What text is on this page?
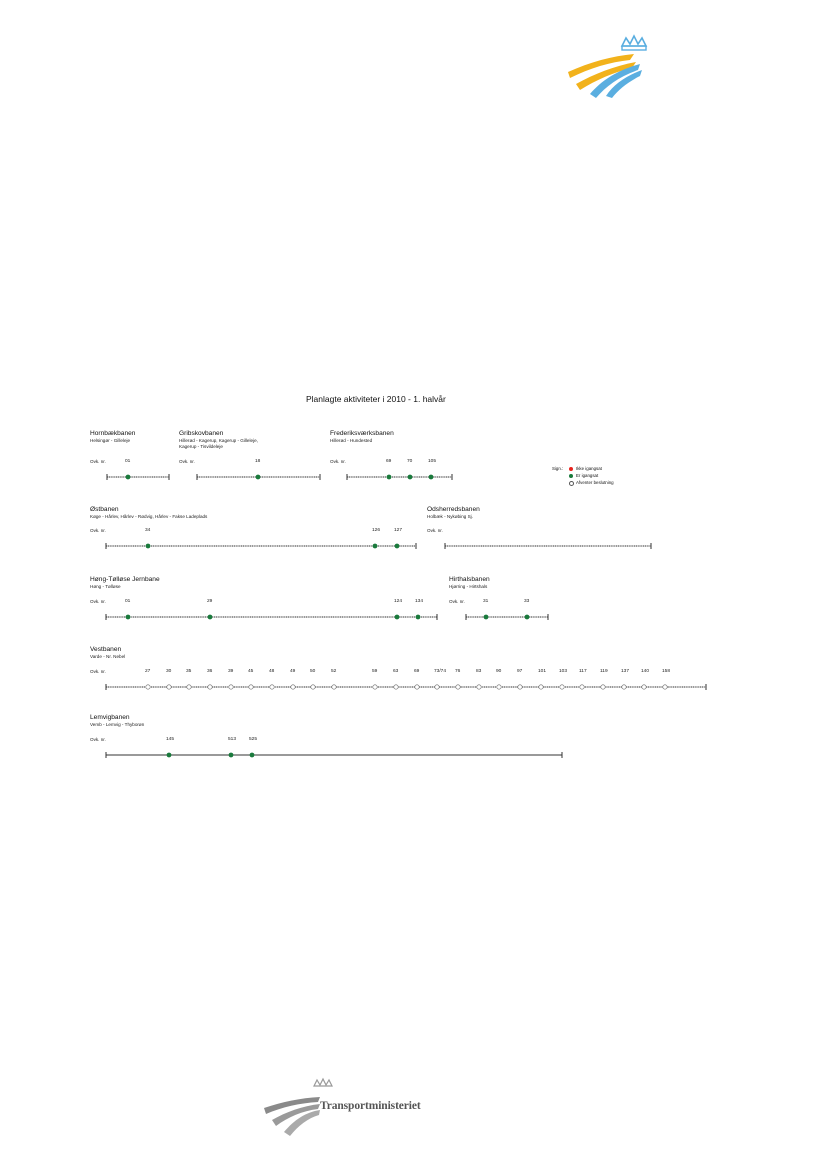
Planlagte aktiviteter i 2010 - 1. halvår
Sign.:	Ikke igangsat
Er igangsat
Afventer beslutning
Hornbækbanen
Helsingør - Gilleleje
Ovk. nr.	01
Gribskovbanen
Hillerød - Kagerup, Kagerup - Gilleleje,
Kagerup - Tisvildeleje
Ovk. nr.	18
Frederiksværksbanen
Hillerød - Hundested
Ovk. nr.	69	70	105
Østbanen
Køge - Hårlev, Hårlev - Rødvig, Hårlev - Fakse Ladeplads
Ovk. nr.	34	126	127
Odsherredsbanen
Holbæk - Nykøbing Sj.
Ovk. nr.
Høng-Tølløse Jernbane
Høng - Tølløse
Ovk. nr.	01	29	124	134
Hirthalsbanen
Hjørring - Hirtshals
Ovk. nr.	31	33
Vestbanen
Varde - Nr. Nebel
Ovk. nr.	27	30	35	36	39	45	48	49	50	52	59	63	69	73/74 76	83	90	97	101	103 117	119	137 140	158
Lemvigbanen
Vemb - Lemvig - Thyborøn
Ovk. nr.	145	513	525
Transportministeriet
